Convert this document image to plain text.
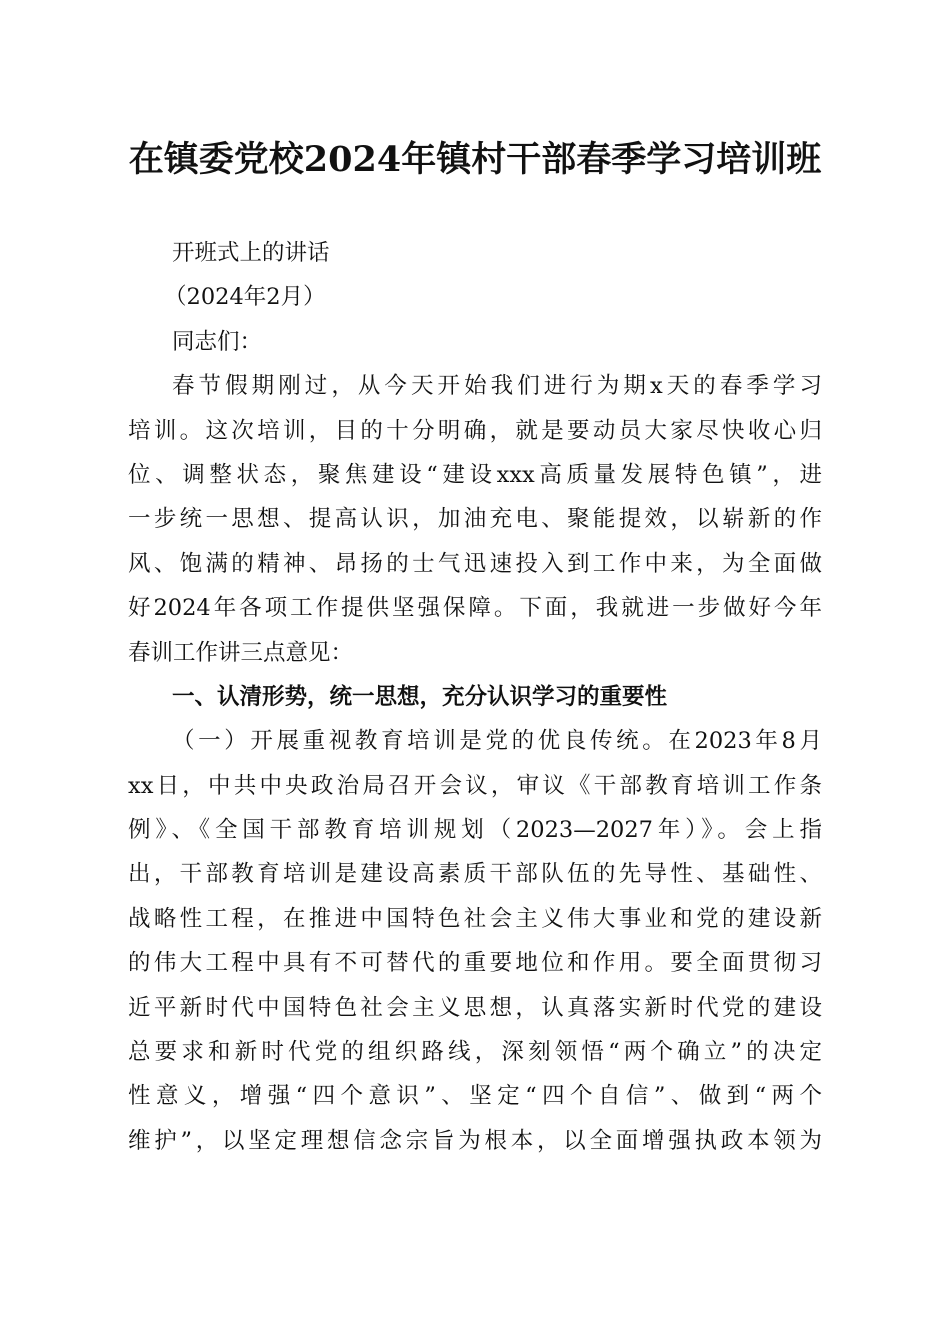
在镇委党校2024年镇村干部春季学习培训班
开班式上的讲话
（2024年2月）
同志们：
春节假期刚过，从今天开始我们进行为期x天的春季学习
培训。这次培训，目的十分明确，就是要动员大家尽快收心归
位、调整状态，聚焦建设“建设xxx高质量发展特色镇”，进
一步统一思想、提高认识，加油充电、聚能提效，以崭新的作
风、饱满的精神、昂扬的士气迅速投入到工作中来，为全面做
好2024年各项工作提供坚强保障。下面，我就进一步做好今年
春训工作讲三点意见：
一、认清形势，统一思想，充分认识学习的重要性
（一）开展重视教育培训是党的优良传统。在2023年8月
xx日，中共中央政治局召开会议，审议《干部教育培训工作条
例》、《全国干部教育培训规划（2023—2027年）》。会上指
出，干部教育培训是建设高素质干部队伍的先导性、基础性、
战略性工程，在推进中国特色社会主义伟大事业和党的建设新
的伟大工程中具有不可替代的重要地位和作用。要全面贯彻习
近平新时代中国特色社会主义思想，认真落实新时代党的建设
总要求和新时代党的组织路线，深刻领悟“两个确立”的决定
性意义，增强“四个意识”、坚定“四个自信”、做到“两个
维护”，以坚定理想信念宗旨为根本，以全面增强执政本领为
